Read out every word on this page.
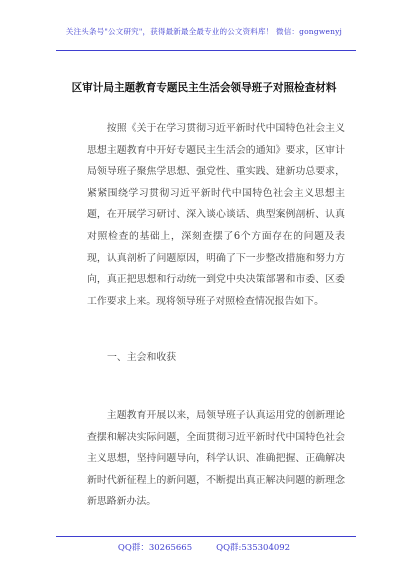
关注头条号"公文研究"，获得最新最全最专业的公文资料库！ 微信：gongwenyj
区审计局主题教育专题民主生活会领导班子对照检查材料

按照《关于在学习贯彻习近平新时代中国特色社会主义思想主题教育中开好专题民主生活会的通知》要求，区审计局领导班子聚焦学思想、强党性、重实践、建新功总要求，紧紧围绕学习贯彻习近平新时代中国特色社会主义思想主题，在开展学习研讨、深入谈心谈话、典型案例剖析、认真对照检查的基础上，深刻查摆了6个方面存在的问题及表现，认真剖析了问题原因，明确了下一步整改措施和努力方向，真正把思想和行动统一到党中央决策部署和市委、区委工作要求上来。现将领导班子对照检查情况报告如下。

一、主会和收获

主题教育开展以来，局领导班子认真运用党的创新理论查摆和解决实际问题，全面贯彻习近平新时代中国特色社会主义思想，坚持问题导向，科学认识、准确把握、正确解决新时代新征程上的新问题，不断提出真正解决问题的新理念新思路新办法。

QQ群：30265665	QQ群:535304092
